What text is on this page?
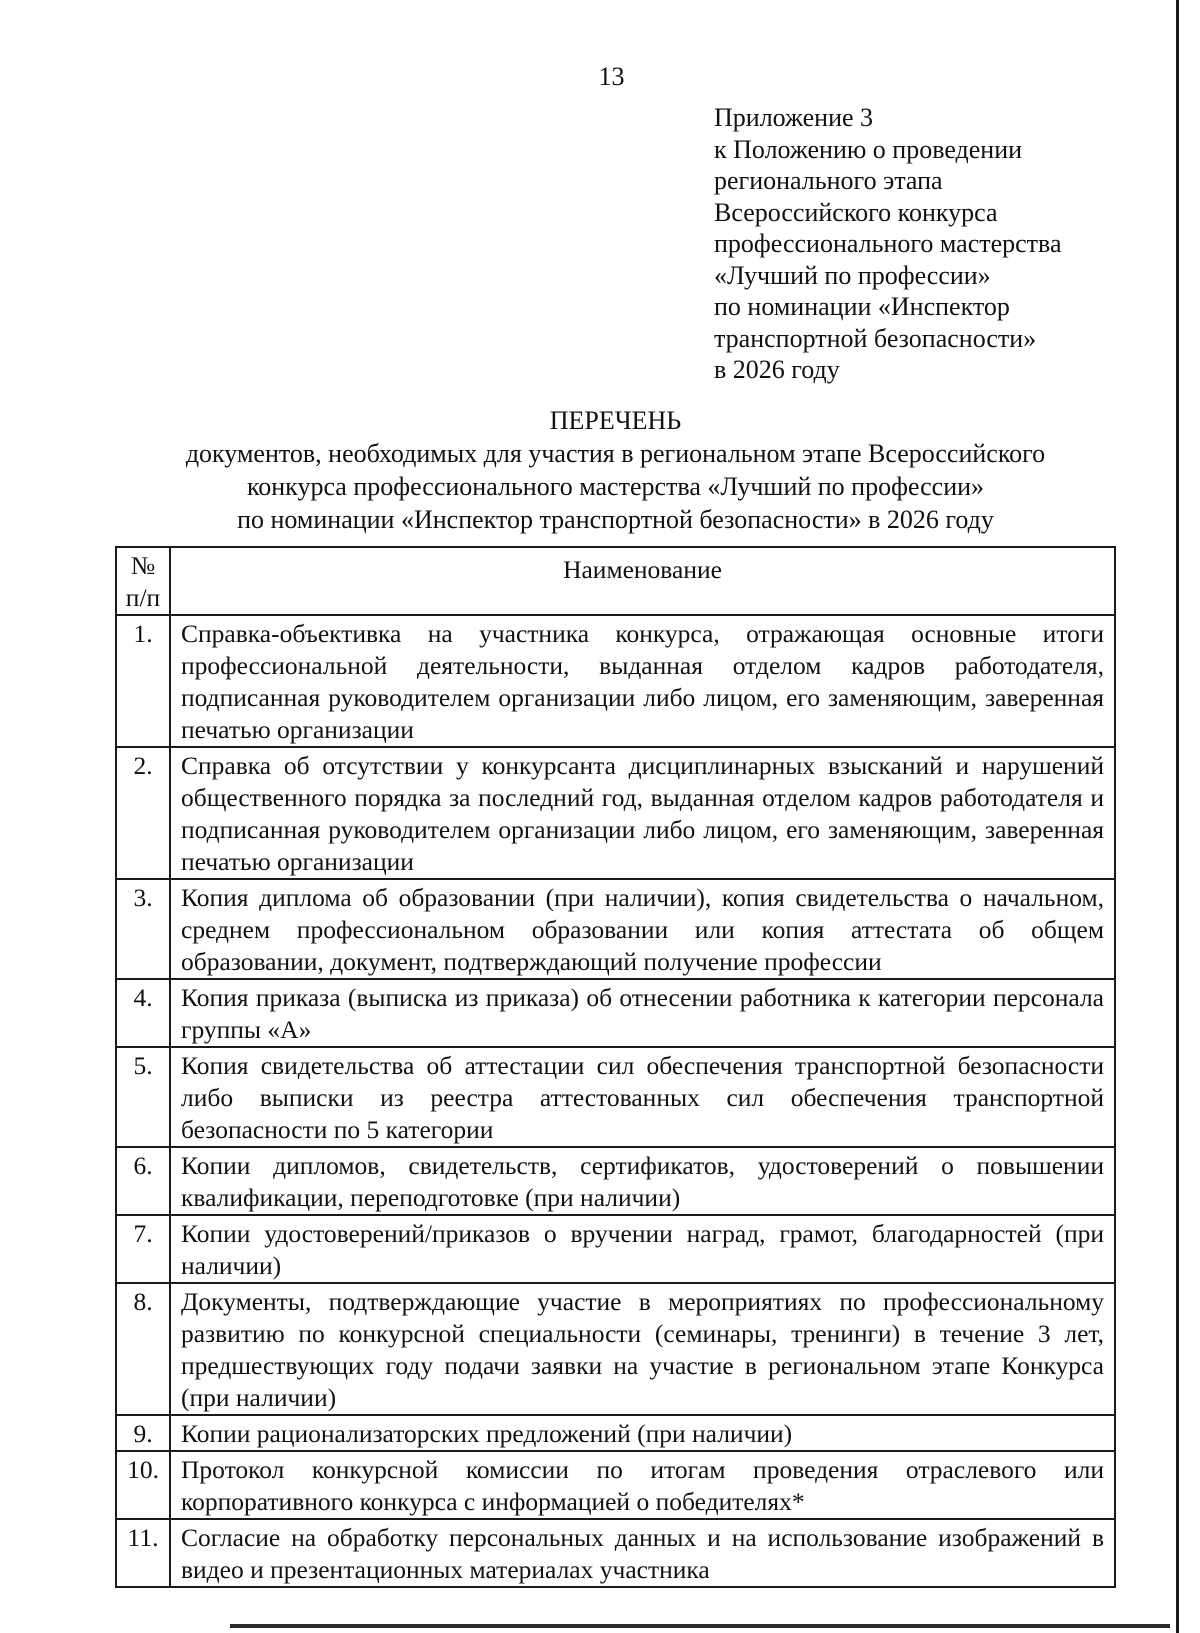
13
Приложение 3
к Положению о проведении
регионального этапа
Всероссийского конкурса
профессионального мастерства
«Лучший по профессии»
по номинации «Инспектор
транспортной безопасности»
в 2026 году
ПЕРЕЧЕНЬ
документов, необходимых для участия в региональном этапе Всероссийского
конкурса профессионального мастерства «Лучший по профессии»
по номинации «Инспектор транспортной безопасности» в 2026 году
№ п/п	Наименование
1.	Справка-объективка на участника конкурса, отражающая основные итоги профессиональной деятельности, выданная отделом кадров работодателя, подписанная руководителем организации либо лицом, его заменяющим, заверенная печатью организации
2.	Справка об отсутствии у конкурсанта дисциплинарных взысканий и нарушений общественного порядка за последний год, выданная отделом кадров работодателя и подписанная руководителем организации либо лицом, его заменяющим, заверенная печатью организации
3.	Копия диплома об образовании (при наличии), копия свидетельства о начальном, среднем профессиональном образовании или копия аттестата об общем образовании, документ, подтверждающий получение профессии
4.	Копия приказа (выписка из приказа) об отнесении работника к категории персонала группы «А»
5.	Копия свидетельства об аттестации сил обеспечения транспортной безопасности либо выписки из реестра аттестованных сил обеспечения транспортной безопасности по 5 категории
6.	Копии дипломов, свидетельств, сертификатов, удостоверений о повышении квалификации, переподготовке (при наличии)
7.	Копии удостоверений/приказов о вручении наград, грамот, благодарностей (при наличии)
8.	Документы, подтверждающие участие в мероприятиях по профессиональному развитию по конкурсной специальности (семинары, тренинги) в течение 3 лет, предшествующих году подачи заявки на участие в региональном этапе Конкурса (при наличии)
9.	Копии рационализаторских предложений (при наличии)
10.	Протокол конкурсной комиссии по итогам проведения отраслевого или корпоративного конкурса с информацией о победителях*
11.	Согласие на обработку персональных данных и на использование изображений в видео и презентационных материалах участника
